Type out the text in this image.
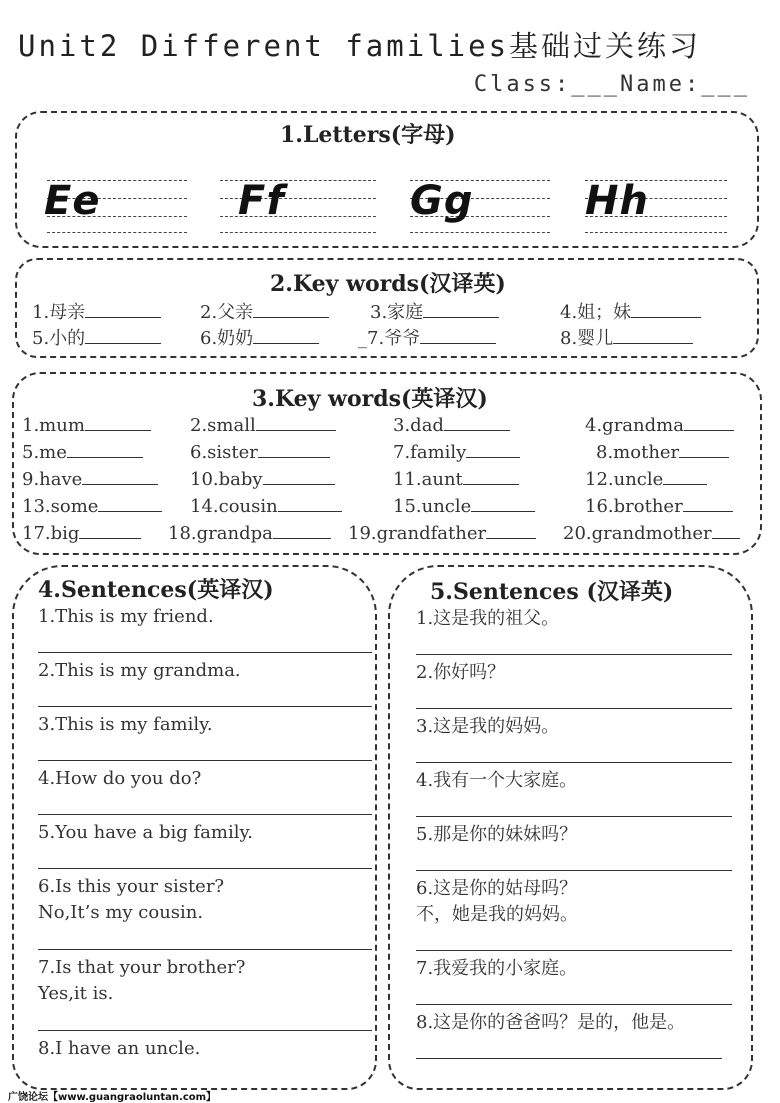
Unit2 Different families基础过关练习
Class:___Name:___
1.Letters(字母)
Ee	Ff	Gg	Hh
2.Key words(汉译英)
1.母亲	2.父亲	3.家庭	4.姐；妹
5.小的	6.奶奶	_7.爷爷	8.婴儿
3.Key words(英译汉)
1.mum	2.small	3.dad	4.grandma
5.me	6.sister	7.family	8.mother
9.have	10.baby	11.aunt	12.uncle
13.some	14.cousin	15.uncle	16.brother
17.big	18.grandpa	19.grandfather	20.grandmother
4.Sentences(英译汉)
1.This is my friend.
2.This is my grandma.
3.This is my family.
4.How do you do?
5.You have a big family.
6.Is this your sister?
No,It’s my cousin.
7.Is that your brother?
Yes,it is.
8.I have an uncle.
5.Sentences (汉译英)
1.这是我的祖父。
2.你好吗？
3.这是我的妈妈。
4.我有一个大家庭。
5.那是你的妹妹吗？
6.这是你的姑母吗？
不，她是我的妈妈。
7.我爱我的小家庭。
8.这是你的爸爸吗？是的，他是。
广饶论坛【www.guangraoluntan.com】
